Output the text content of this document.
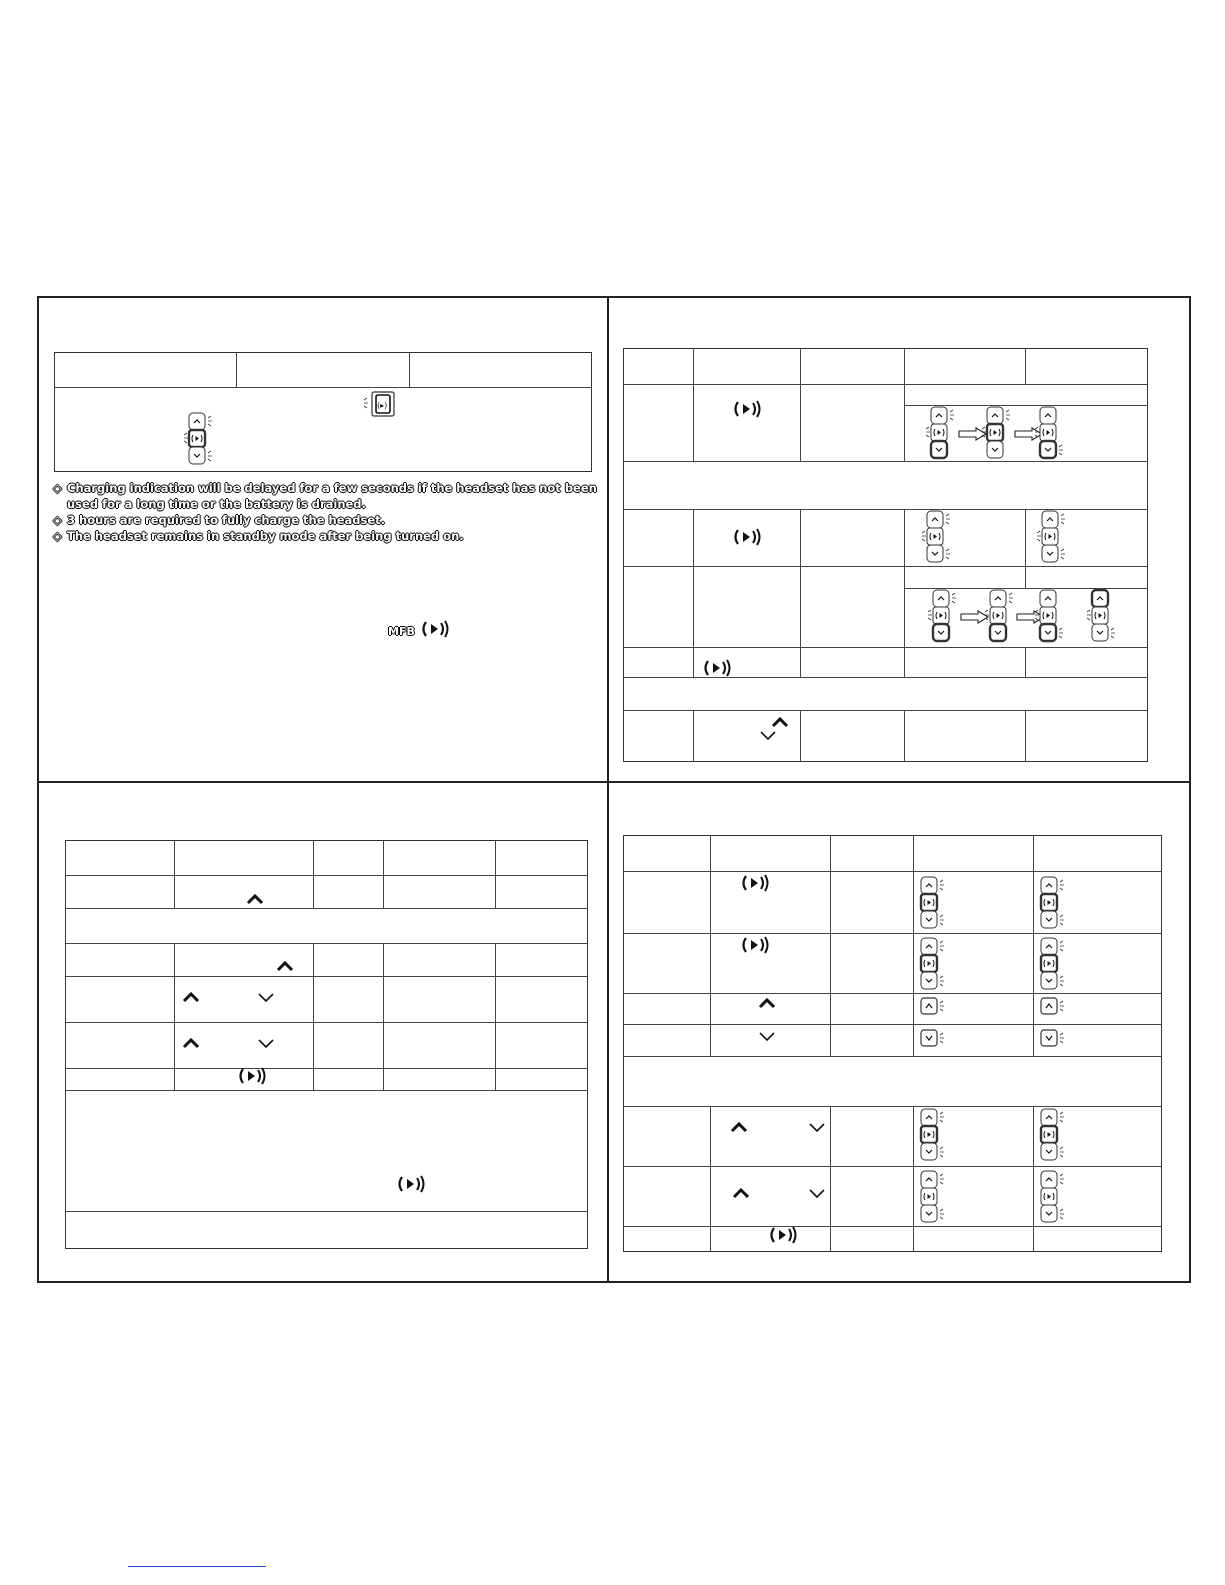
◇ Charging indication will be delayed for a few seconds if the headset has not been used for a long time or the battery is drained.
◇ 3 hours are required to fully charge the headset.
◇ The headset remains in standby mode after being turned on.
MFB
(▸)
